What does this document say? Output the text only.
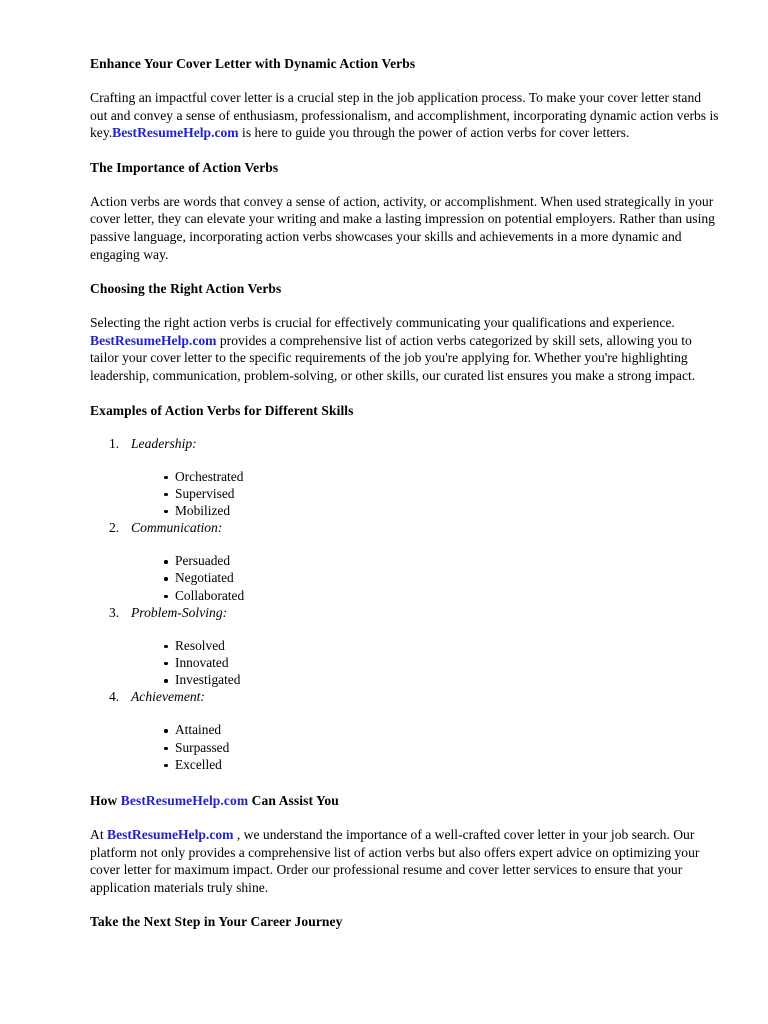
Enhance Your Cover Letter with Dynamic Action Verbs

Crafting an impactful cover letter is a crucial step in the job application process. To make your cover letter stand out and convey a sense of enthusiasm, professionalism, and accomplishment, incorporating dynamic action verbs is key.BestResumeHelp.com is here to guide you through the power of action verbs for cover letters.

The Importance of Action Verbs

Action verbs are words that convey a sense of action, activity, or accomplishment. When used strategically in your cover letter, they can elevate your writing and make a lasting impression on potential employers. Rather than using passive language, incorporating action verbs showcases your skills and achievements in a more dynamic and engaging way.

Choosing the Right Action Verbs

Selecting the right action verbs is crucial for effectively communicating your qualifications and experience. BestResumeHelp.com provides a comprehensive list of action verbs categorized by skill sets, allowing you to tailor your cover letter to the specific requirements of the job you're applying for. Whether you're highlighting leadership, communication, problem-solving, or other skills, our curated list ensures you make a strong impact.

Examples of Action Verbs for Different Skills
1. Leadership:
Orchestrated
Supervised
Mobilized
2. Communication:
Persuaded
Negotiated
Collaborated
3. Problem-Solving:
Resolved
Innovated
Investigated
4. Achievement:
Attained
Surpassed
Excelled
How BestResumeHelp.com Can Assist You

At BestResumeHelp.com , we understand the importance of a well-crafted cover letter in your job search. Our platform not only provides a comprehensive list of action verbs but also offers expert advice on optimizing your cover letter for maximum impact. Order our professional resume and cover letter services to ensure that your application materials truly shine.

Take the Next Step in Your Career Journey
